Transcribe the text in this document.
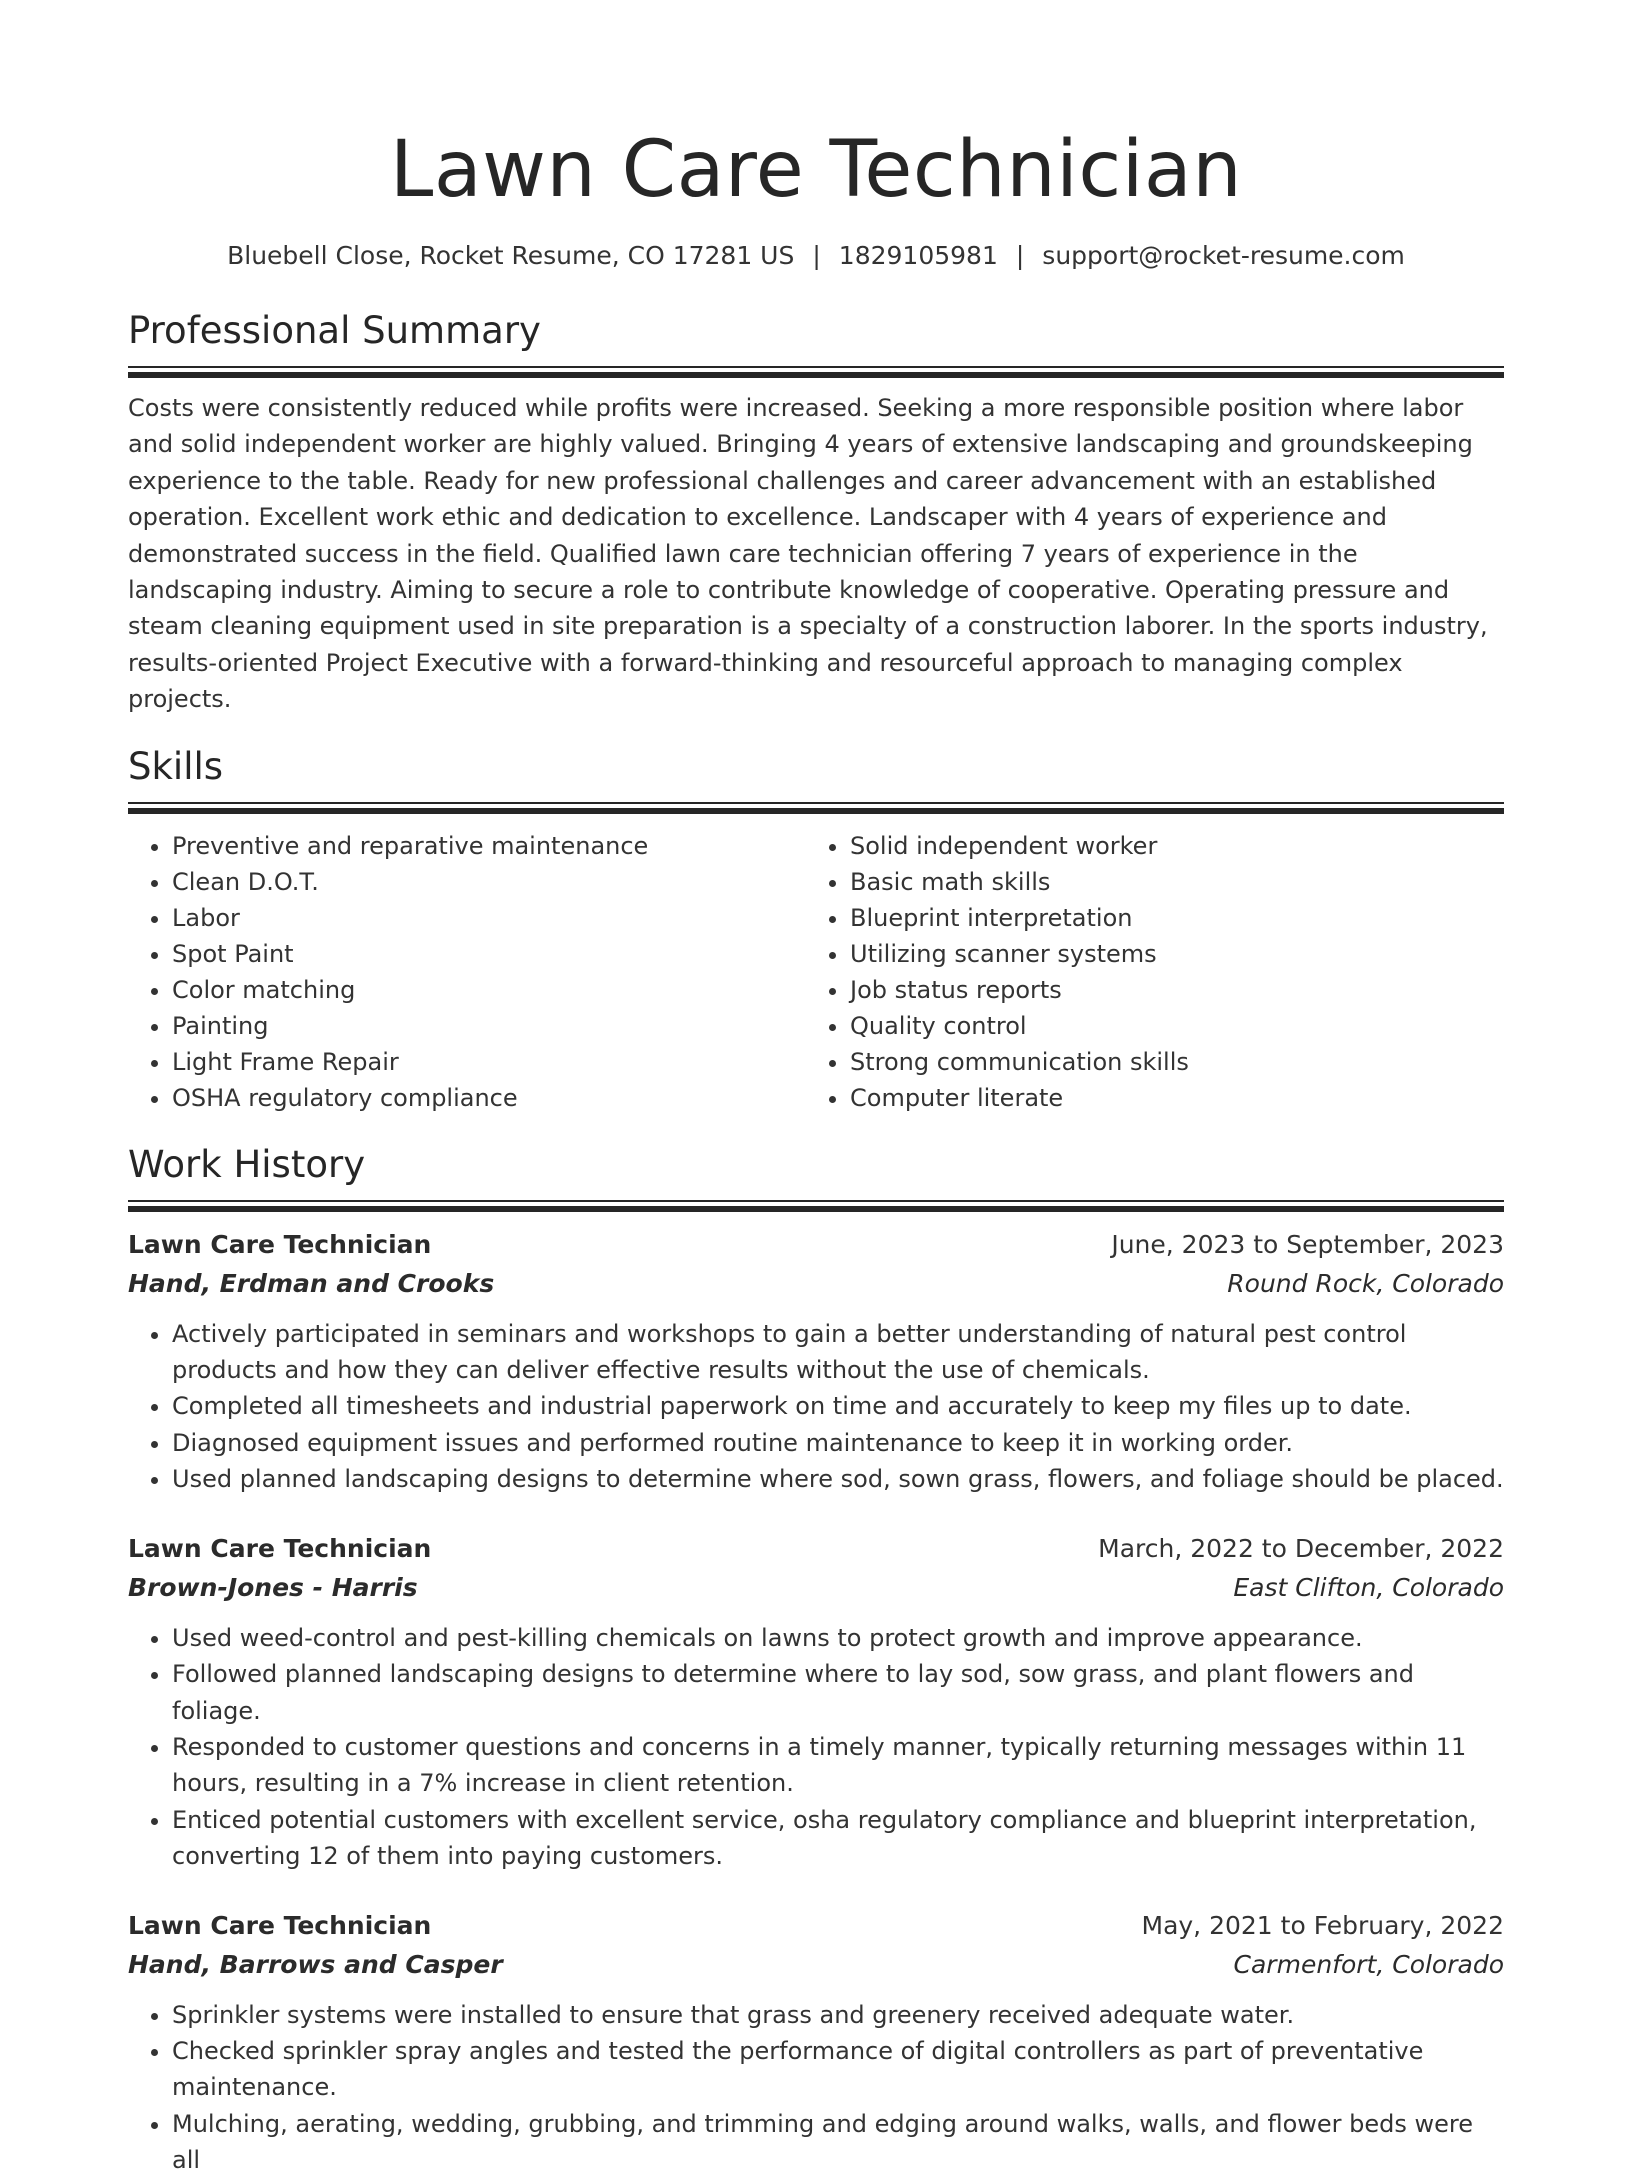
Lawn Care Technician
Bluebell Close, Rocket Resume, CO 17281 US | 1829105981 | support@rocket-resume.com
Professional Summary
Costs were consistently reduced while profits were increased. Seeking a more responsible position where labor and solid independent worker are highly valued. Bringing 4 years of extensive landscaping and groundskeeping experience to the table. Ready for new professional challenges and career advancement with an established operation. Excellent work ethic and dedication to excellence. Landscaper with 4 years of experience and demonstrated success in the field. Qualified lawn care technician offering 7 years of experience in the landscaping industry. Aiming to secure a role to contribute knowledge of cooperative. Operating pressure and steam cleaning equipment used in site preparation is a specialty of a construction laborer. In the sports industry, results-oriented Project Executive with a forward-thinking and resourceful approach to managing complex projects.
Skills
• Preventive and reparative maintenance
• Clean D.O.T.
• Labor
• Spot Paint
• Color matching
• Painting
• Light Frame Repair
• OSHA regulatory compliance
• Solid independent worker
• Basic math skills
• Blueprint interpretation
• Utilizing scanner systems
• Job status reports
• Quality control
• Strong communication skills
• Computer literate
Work History
Lawn Care Technician	June, 2023 to September, 2023
Hand, Erdman and Crooks	Round Rock, Colorado
• Actively participated in seminars and workshops to gain a better understanding of natural pest control products and how they can deliver effective results without the use of chemicals.
• Completed all timesheets and industrial paperwork on time and accurately to keep my files up to date.
• Diagnosed equipment issues and performed routine maintenance to keep it in working order.
• Used planned landscaping designs to determine where sod, sown grass, flowers, and foliage should be placed.
Lawn Care Technician	March, 2022 to December, 2022
Brown-Jones - Harris	East Clifton, Colorado
• Used weed-control and pest-killing chemicals on lawns to protect growth and improve appearance.
• Followed planned landscaping designs to determine where to lay sod, sow grass, and plant flowers and foliage.
• Responded to customer questions and concerns in a timely manner, typically returning messages within 11 hours, resulting in a 7% increase in client retention.
• Enticed potential customers with excellent service, osha regulatory compliance and blueprint interpretation, converting 12 of them into paying customers.
Lawn Care Technician	May, 2021 to February, 2022
Hand, Barrows and Casper	Carmenfort, Colorado
• Sprinkler systems were installed to ensure that grass and greenery received adequate water.
• Checked sprinkler spray angles and tested the performance of digital controllers as part of preventative maintenance.
• Mulching, aerating, wedding, grubbing, and trimming and edging around walks, walls, and flower beds were all
